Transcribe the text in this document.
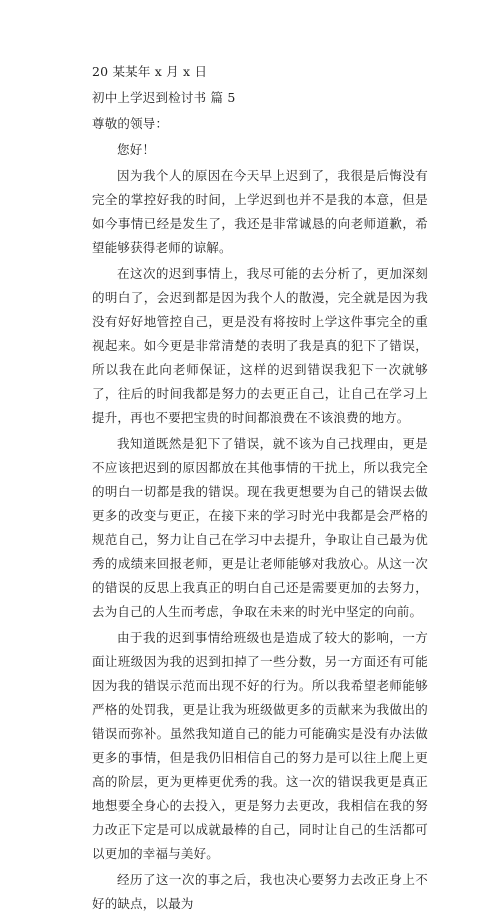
20 某某年 x 月 x 日

初中上学迟到检讨书 篇 5

尊敬的领导：

您好！

因为我个人的原因在今天早上迟到了，我很是后悔没有完全的掌控好我的时间，上学迟到也并不是我的本意，但是如今事情已经是发生了，我还是非常诚恳的向老师道歉，希望能够获得老师的谅解。

在这次的迟到事情上，我尽可能的去分析了，更加深刻的明白了，会迟到都是因为我个人的散漫，完全就是因为我没有好好地管控自己，更是没有将按时上学这件事完全的重视起来。如今更是非常清楚的表明了我是真的犯下了错误，所以我在此向老师保证，这样的迟到错误我犯下一次就够了，往后的时间我都是努力的去更正自己，让自己在学习上提升，再也不要把宝贵的时间都浪费在不该浪费的地方。

我知道既然是犯下了错误，就不该为自己找理由，更是不应该把迟到的原因都放在其他事情的干扰上，所以我完全的明白一切都是我的错误。现在我更想要为自己的错误去做更多的改变与更正，在接下来的学习时光中我都是会严格的规范自己，努力让自己在学习中去提升，争取让自己最为优秀的成绩来回报老师，更是让老师能够对我放心。从这一次的错误的反思上我真正的明白自己还是需要更加的去努力，去为自己的人生而考虑，争取在未来的时光中坚定的向前。

由于我的迟到事情给班级也是造成了较大的影响，一方面让班级因为我的迟到扣掉了一些分数，另一方面还有可能因为我的错误示范而出现不好的行为。所以我希望老师能够严格的处罚我，更是让我为班级做更多的贡献来为我做出的错误而弥补。虽然我知道自己的能力可能确实是没有办法做更多的事情，但是我仍旧相信自己的努力是可以往上爬上更高的阶层，更为更棒更优秀的我。这一次的错误我更是真正地想要全身心的去投入，更是努力去更改，我相信在我的努力改正下定是可以成就最棒的自己，同时让自己的生活都可以更加的幸福与美好。

经历了这一次的事之后，我也决心要努力去改正身上不好的缺点，以最为
